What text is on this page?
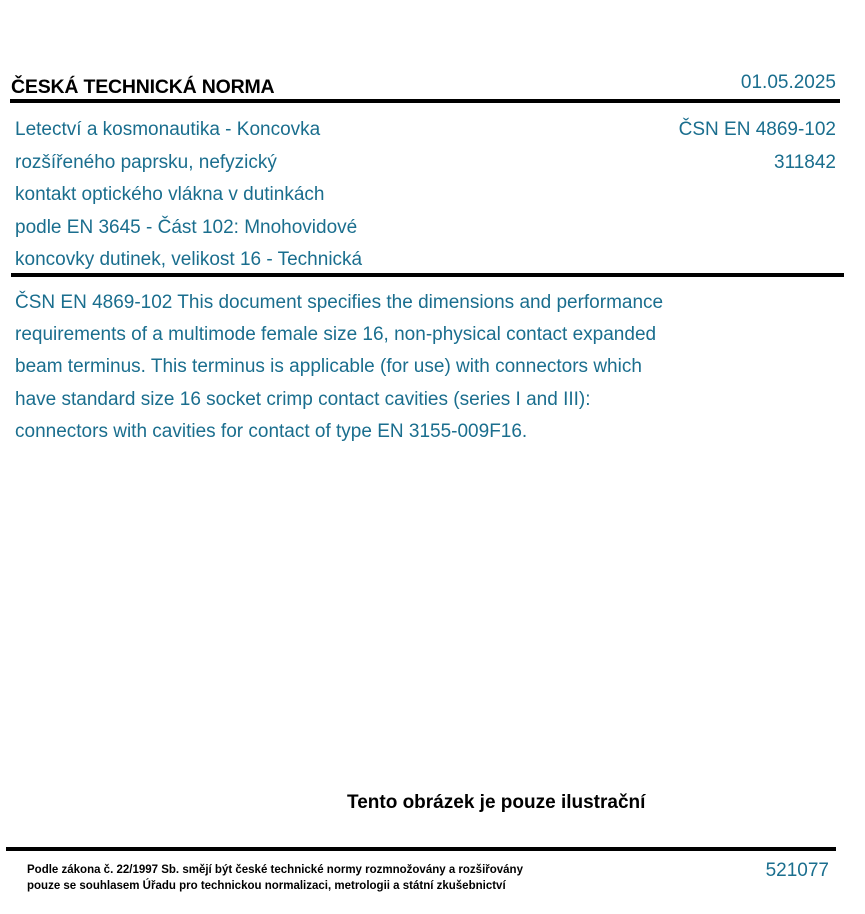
ČESKÁ TECHNICKÁ NORMA	01.05.2025
Letectví a kosmonautika - Koncovka
rozšířeného paprsku, nefyzický
kontakt optického vlákna v dutinkách
podle EN 3645 - Část 102: Mnohovidové
koncovky dutinek, velikost 16 - Technická
ČSN EN 4869-102
311842
ČSN EN 4869-102 This document specifies the dimensions and performance
requirements of a multimode female size 16, non-physical contact expanded
beam terminus. This terminus is applicable (for use) with connectors which
have standard size 16 socket crimp contact cavities (series I and III):
connectors with cavities for contact of type EN 3155-009F16.
Tento obrázek je pouze ilustrační
Podle zákona č. 22/1997 Sb. smějí být české technické normy rozmnožovány a rozšiřovány
pouze se souhlasem Úřadu pro technickou normalizaci, metrologii a státní zkušebnictví
521077
